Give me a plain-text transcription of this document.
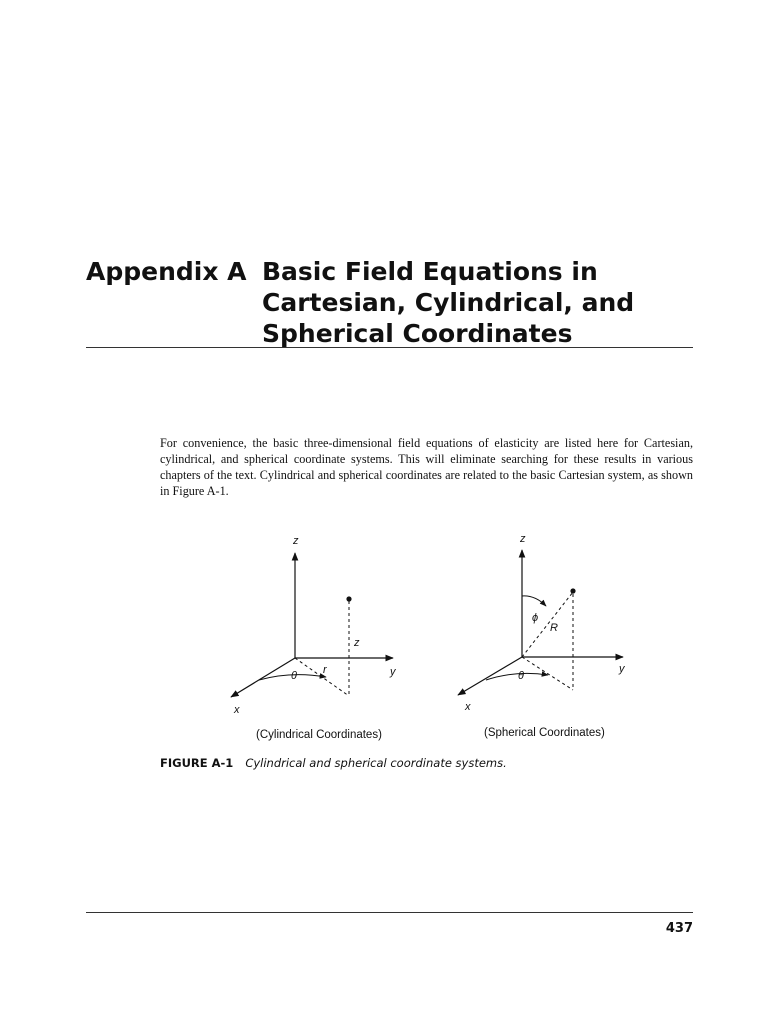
Appendix A Basic Field Equations in Cartesian, Cylindrical, and Spherical Coordinates

For convenience, the basic three-dimensional field equations of elasticity are listed here for Cartesian, cylindrical, and spherical coordinate systems. This will eliminate searching for these results in various chapters of the text. Cylindrical and spherical coordinates are related to the basic Cartesian system, as shown in Figure A-1.

z
x
y
θ r
z
(Cylindrical Coordinates)
z
x
y
θ
ϕ
R
(Spherical Coordinates)

FIGURE A-1 Cylindrical and spherical coordinate systems.

437
